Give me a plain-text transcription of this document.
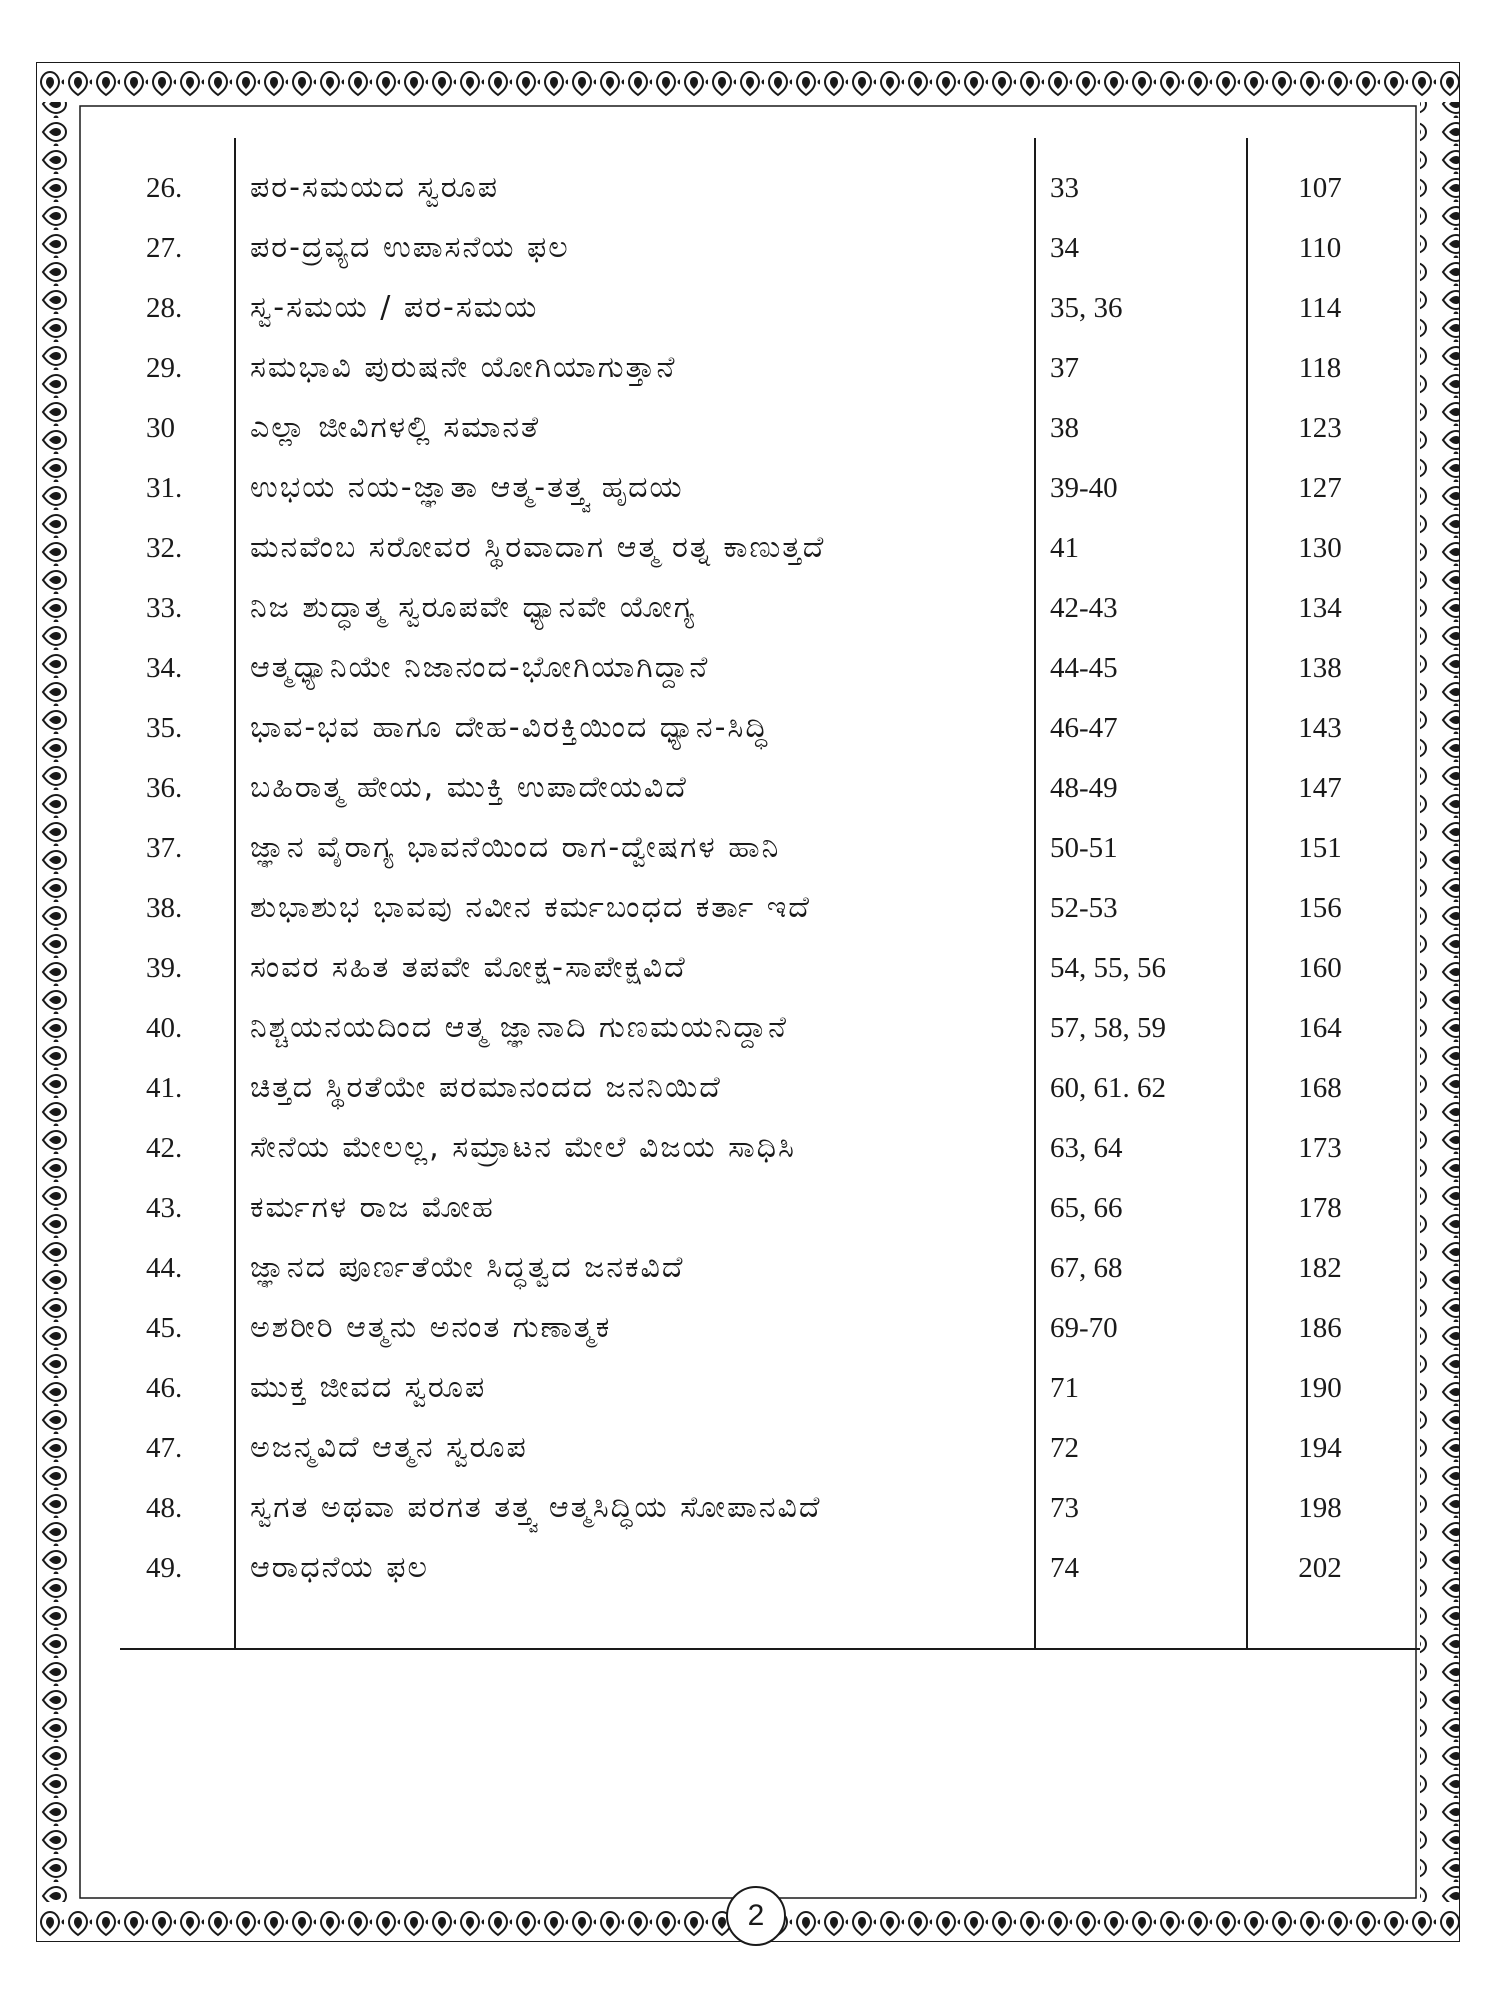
26.	ಪರ-ಸಮಯದ ಸ್ವರೂಪ	33	107
27.	ಪರ-ದ್ರವ್ಯದ ಉಪಾಸನೆಯ ಫಲ	34	110
28.	ಸ್ವ-ಸಮಯ / ಪರ-ಸಮಯ	35, 36	114
29.	ಸಮಭಾವಿ ಪುರುಷನೇ ಯೋಗಿಯಾಗುತ್ತಾನೆ	37	118
30	ಎಲ್ಲಾ ಜೀವಿಗಳಲ್ಲಿ ಸಮಾನತೆ	38	123
31.	ಉಭಯ ನಯ-ಜ್ಞಾತಾ ಆತ್ಮ-ತತ್ತ್ವ ಹೃದಯ	39-40	127
32.	ಮನವೆಂಬ ಸರೋವರ ಸ್ಥಿರವಾದಾಗ ಆತ್ಮ ರತ್ನ ಕಾಣುತ್ತದೆ	41	130
33.	ನಿಜ ಶುದ್ಧಾತ್ಮ ಸ್ವರೂಪವೇ ಧ್ಯಾನವೇ ಯೋಗ್ಯ	42-43	134
34.	ಆತ್ಮಧ್ಯಾನಿಯೇ ನಿಜಾನಂದ-ಭೋಗಿಯಾಗಿದ್ದಾನೆ	44-45	138
35.	ಭಾವ-ಭವ ಹಾಗೂ ದೇಹ-ವಿರಕ್ತಿಯಿಂದ ಧ್ಯಾನ-ಸಿದ್ಧಿ	46-47	143
36.	ಬಹಿರಾತ್ಮ ಹೇಯ, ಮುಕ್ತಿ ಉಪಾದೇಯವಿದೆ	48-49	147
37.	ಜ್ಞಾನ ವೈರಾಗ್ಯ ಭಾವನೆಯಿಂದ ರಾಗ-ದ್ವೇಷಗಳ ಹಾನಿ	50-51	151
38.	ಶುಭಾಶುಭ ಭಾವವು ನವೀನ ಕರ್ಮಬಂಧದ ಕರ್ತಾ ಇದೆ	52-53	156
39.	ಸಂವರ ಸಹಿತ ತಪವೇ ಮೋಕ್ಷ-ಸಾಪೇಕ್ಷವಿದೆ	54, 55, 56	160
40.	ನಿಶ್ಚಯನಯದಿಂದ ಆತ್ಮ ಜ್ಞಾನಾದಿ ಗುಣಮಯನಿದ್ದಾನೆ	57, 58, 59	164
41.	ಚಿತ್ತದ ಸ್ಥಿರತೆಯೇ ಪರಮಾನಂದದ ಜನನಿಯಿದೆ	60, 61. 62	168
42.	ಸೇನೆಯ ಮೇಲಲ್ಲ, ಸಮ್ರಾಟನ ಮೇಲೆ ವಿಜಯ ಸಾಧಿಸಿ	63, 64	173
43.	ಕರ್ಮಗಳ ರಾಜ ಮೋಹ	65, 66	178
44.	ಜ್ಞಾನದ ಪೂರ್ಣತೆಯೇ ಸಿದ್ಧತ್ವದ ಜನಕವಿದೆ	67, 68	182
45.	ಅಶರೀರಿ ಆತ್ಮನು ಅನಂತ ಗುಣಾತ್ಮಕ	69-70	186
46.	ಮುಕ್ತ ಜೀವದ ಸ್ವರೂಪ	71	190
47.	ಅಜನ್ಮವಿದೆ ಆತ್ಮನ ಸ್ವರೂಪ	72	194
48.	ಸ್ವಗತ ಅಥವಾ ಪರಗತ ತತ್ತ್ವ ಆತ್ಮಸಿದ್ಧಿಯ ಸೋಪಾನವಿದೆ	73	198
49.	ಆರಾಧನೆಯ ಫಲ	74	202
2
